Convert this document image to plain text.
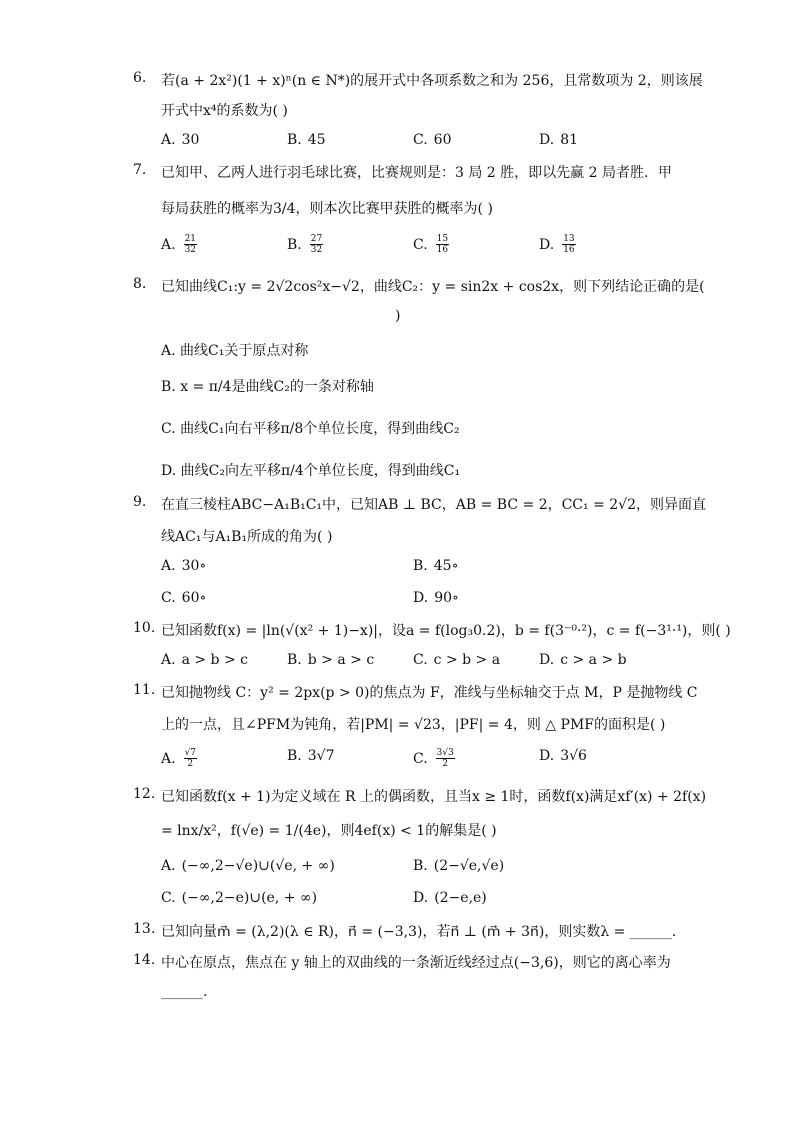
6.	若(a + 2x²)(1 + x)ⁿ(n ∈ N*)的展开式中各项系数之和为 256，且常数项为 2，则该展
开式中x⁴的系数为( )
A. 30	B. 45	C. 60	D. 81
7.	已知甲、乙两人进行羽毛球比赛，比赛规则是：3 局 2 胜，即以先赢 2 局者胜．甲
每局获胜的概率为3/4，则本次比赛甲获胜的概率为( )
A. $\frac{21}{32}$	B. $\frac{27}{32}$	C. $\frac{15}{16}$	D. $\frac{13}{16}$
8.	已知曲线C₁:y = 2√2cos²x−√2，曲线C₂：y = sin2x + cos2x，则下列结论正确的是(
)
A. 曲线C₁关于原点对称
B. x = π/4是曲线C₂的一条对称轴
C. 曲线C₁向右平移π/8个单位长度，得到曲线C₂
D. 曲线C₂向左平移π/4个单位长度，得到曲线C₁
9.	在直三棱柱ABC−A₁B₁C₁中，已知AB ⊥ BC，AB = BC = 2，CC₁ = 2√2，则异面直
线AC₁与A₁B₁所成的角为( )
A. 30∘	B. 45∘
C. 60∘	D. 90∘
10. 已知函数f(x) = |ln(√(x² + 1)−x)|，设a = f(log₃0.2)，b = f(3⁻⁰·²)，c = f(−3¹·¹)，则( )
A. a > b > c	B. b > a > c	C. c > b > a	D. c > a > b
11. 已知抛物线 C：y² = 2px(p > 0)的焦点为 F，准线与坐标轴交于点 M，P 是抛物线 C
上的一点，且∠PFM为钝角，若|PM| = √23，|PF| = 4，则 △ PMF的面积是( )
A. $\frac{√7}{2}$	B. 3√7	C. $\frac{3√3}{2}$	D. 3√6
12. 已知函数f(x + 1)为定义域在 R 上的偶函数，且当x ≥ 1时，函数f(x)满足xf′(x) + 2f(x)
= lnx/x²，f(√e) = 1/(4e)，则4ef(x) < 1的解集是( )
A. (−∞,2−√e)∪(√e, + ∞)	B. (2−√e,√e)
C. (−∞,2−e)∪(e, + ∞)	D. (2−e,e)
13. 已知向量m⃗ = (λ,2)(λ ∈ R)，n⃗ = (−3,3)，若n⃗ ⊥ (m⃗ + 3n⃗)，则实数λ = ______.
14. 中心在原点，焦点在 y 轴上的双曲线的一条渐近线经过点(−3,6)，则它的离心率为
______.
